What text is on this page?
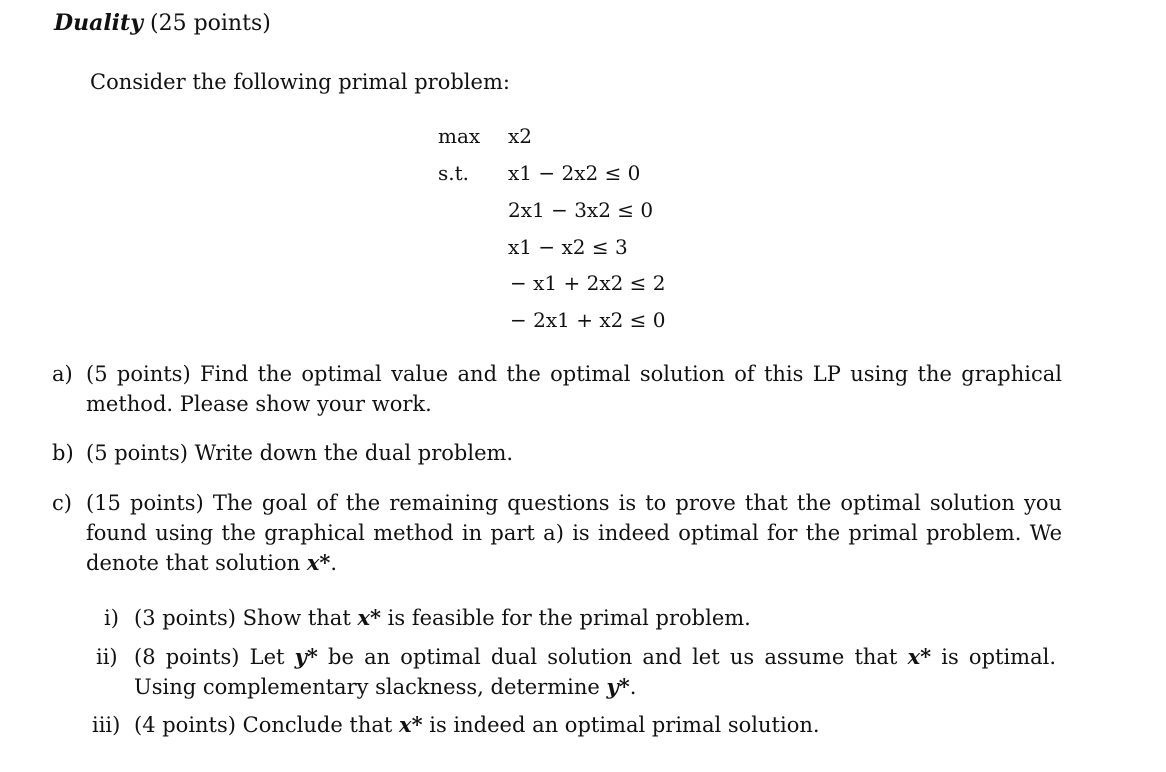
Duality (25 points)
Consider the following primal problem:
max x2
s.t. x1 − 2x2 ≤ 0
2x1 − 3x2 ≤ 0
x1 − x2 ≤ 3
− x1 + 2x2 ≤ 2
− 2x1 + x2 ≤ 0
a) (5 points) Find the optimal value and the optimal solution of this LP using the graphical method. Please show your work.
b) (5 points) Write down the dual problem.
c) (15 points) The goal of the remaining questions is to prove that the optimal solution you found using the graphical method in part a) is indeed optimal for the primal problem. We denote that solution x*.
i) (3 points) Show that x* is feasible for the primal problem.
ii) (8 points) Let y* be an optimal dual solution and let us assume that x* is optimal. Using complementary slackness, determine y*.
iii) (4 points) Conclude that x* is indeed an optimal primal solution.
